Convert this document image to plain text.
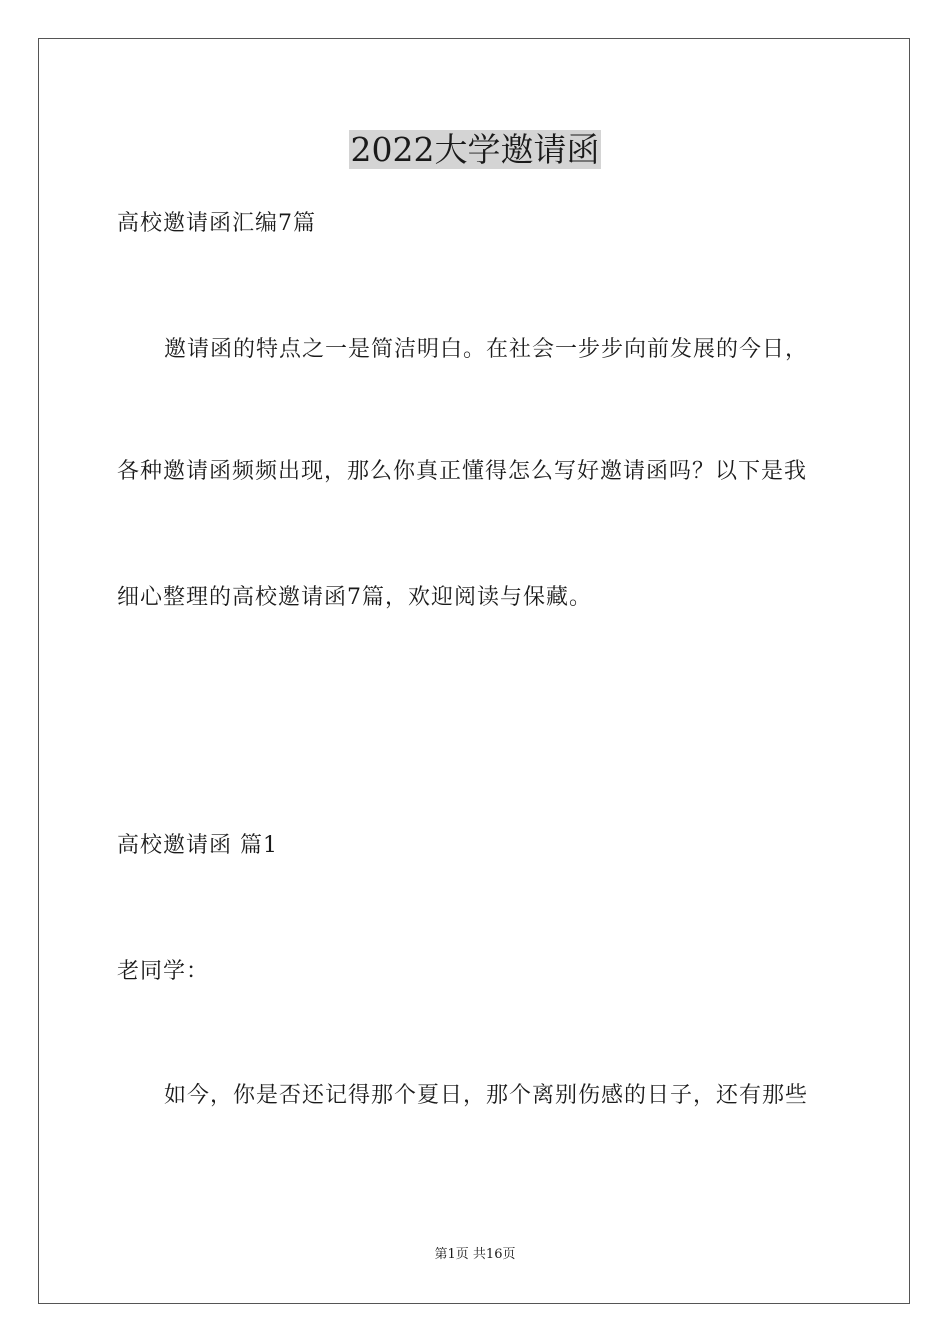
2022大学邀请函
高校邀请函汇编7篇
邀请函的特点之一是简洁明白。在社会一步步向前发展的今日，
各种邀请函频频出现，那么你真正懂得怎么写好邀请函吗？以下是我
细心整理的高校邀请函7篇，欢迎阅读与保藏。
高校邀请函 篇1
老同学：
如今，你是否还记得那个夏日，那个离别伤感的日子，还有那些
第1页 共16页
